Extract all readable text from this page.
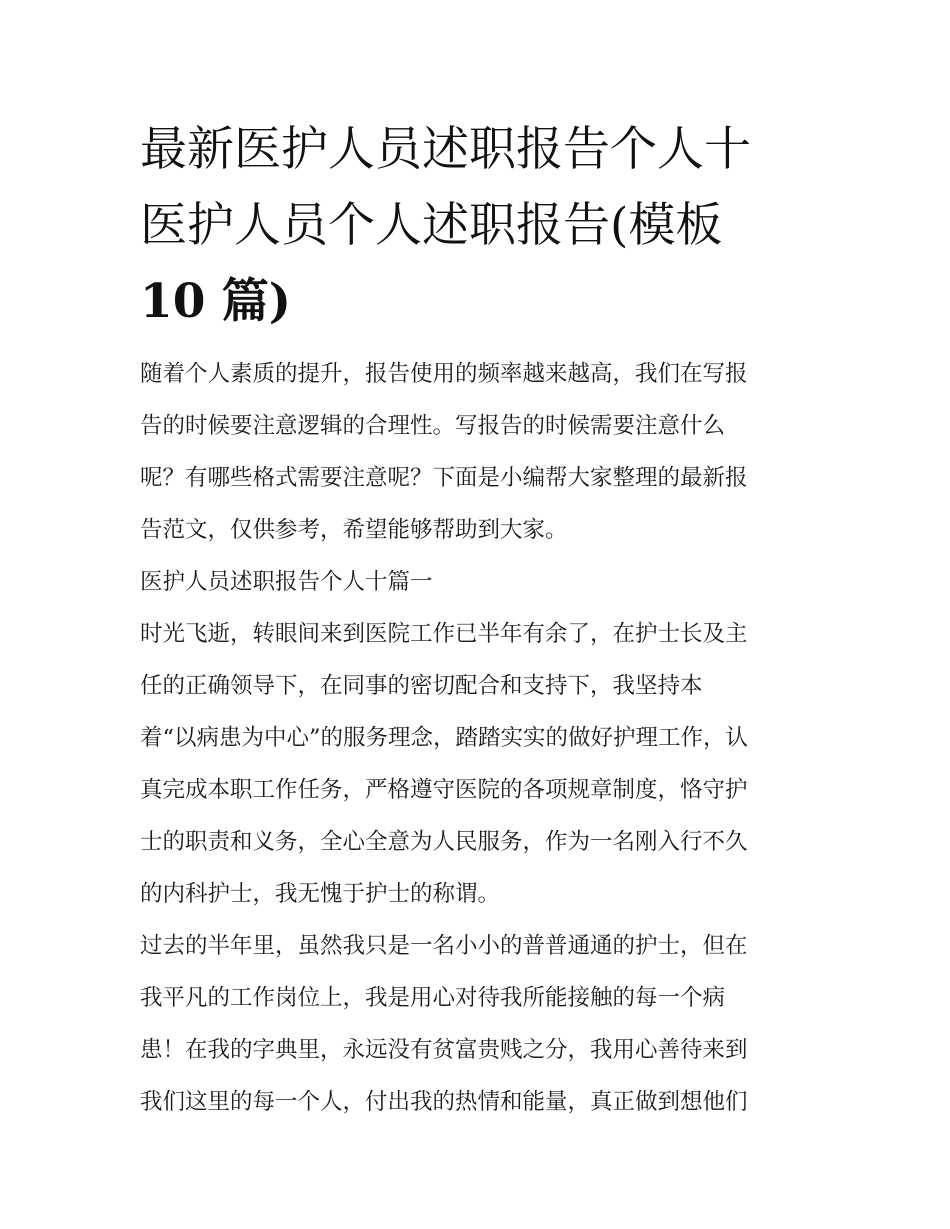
最新医护人员述职报告个人十
医护人员个人述职报告(模板
10 篇)

随着个人素质的提升，报告使用的频率越来越高，我们在写报

告的时候要注意逻辑的合理性。写报告的时候需要注意什么

呢？有哪些格式需要注意呢？下面是小编帮大家整理的最新报

告范文，仅供参考，希望能够帮助到大家。

医护人员述职报告个人十篇一

时光飞逝，转眼间来到医院工作已半年有余了，在护士长及主

任的正确领导下，在同事的密切配合和支持下，我坚持本

着“以病患为中心”的服务理念，踏踏实实的做好护理工作，认

真完成本职工作任务，严格遵守医院的各项规章制度，恪守护

士的职责和义务，全心全意为人民服务，作为一名刚入行不久

的内科护士，我无愧于护士的称谓。

过去的半年里，虽然我只是一名小小的普普通通的护士，但在

我平凡的工作岗位上，我是用心对待我所能接触的每一个病

患！在我的字典里，永远没有贫富贵贱之分，我用心善待来到

我们这里的每一个人，付出我的热情和能量，真正做到想他们
